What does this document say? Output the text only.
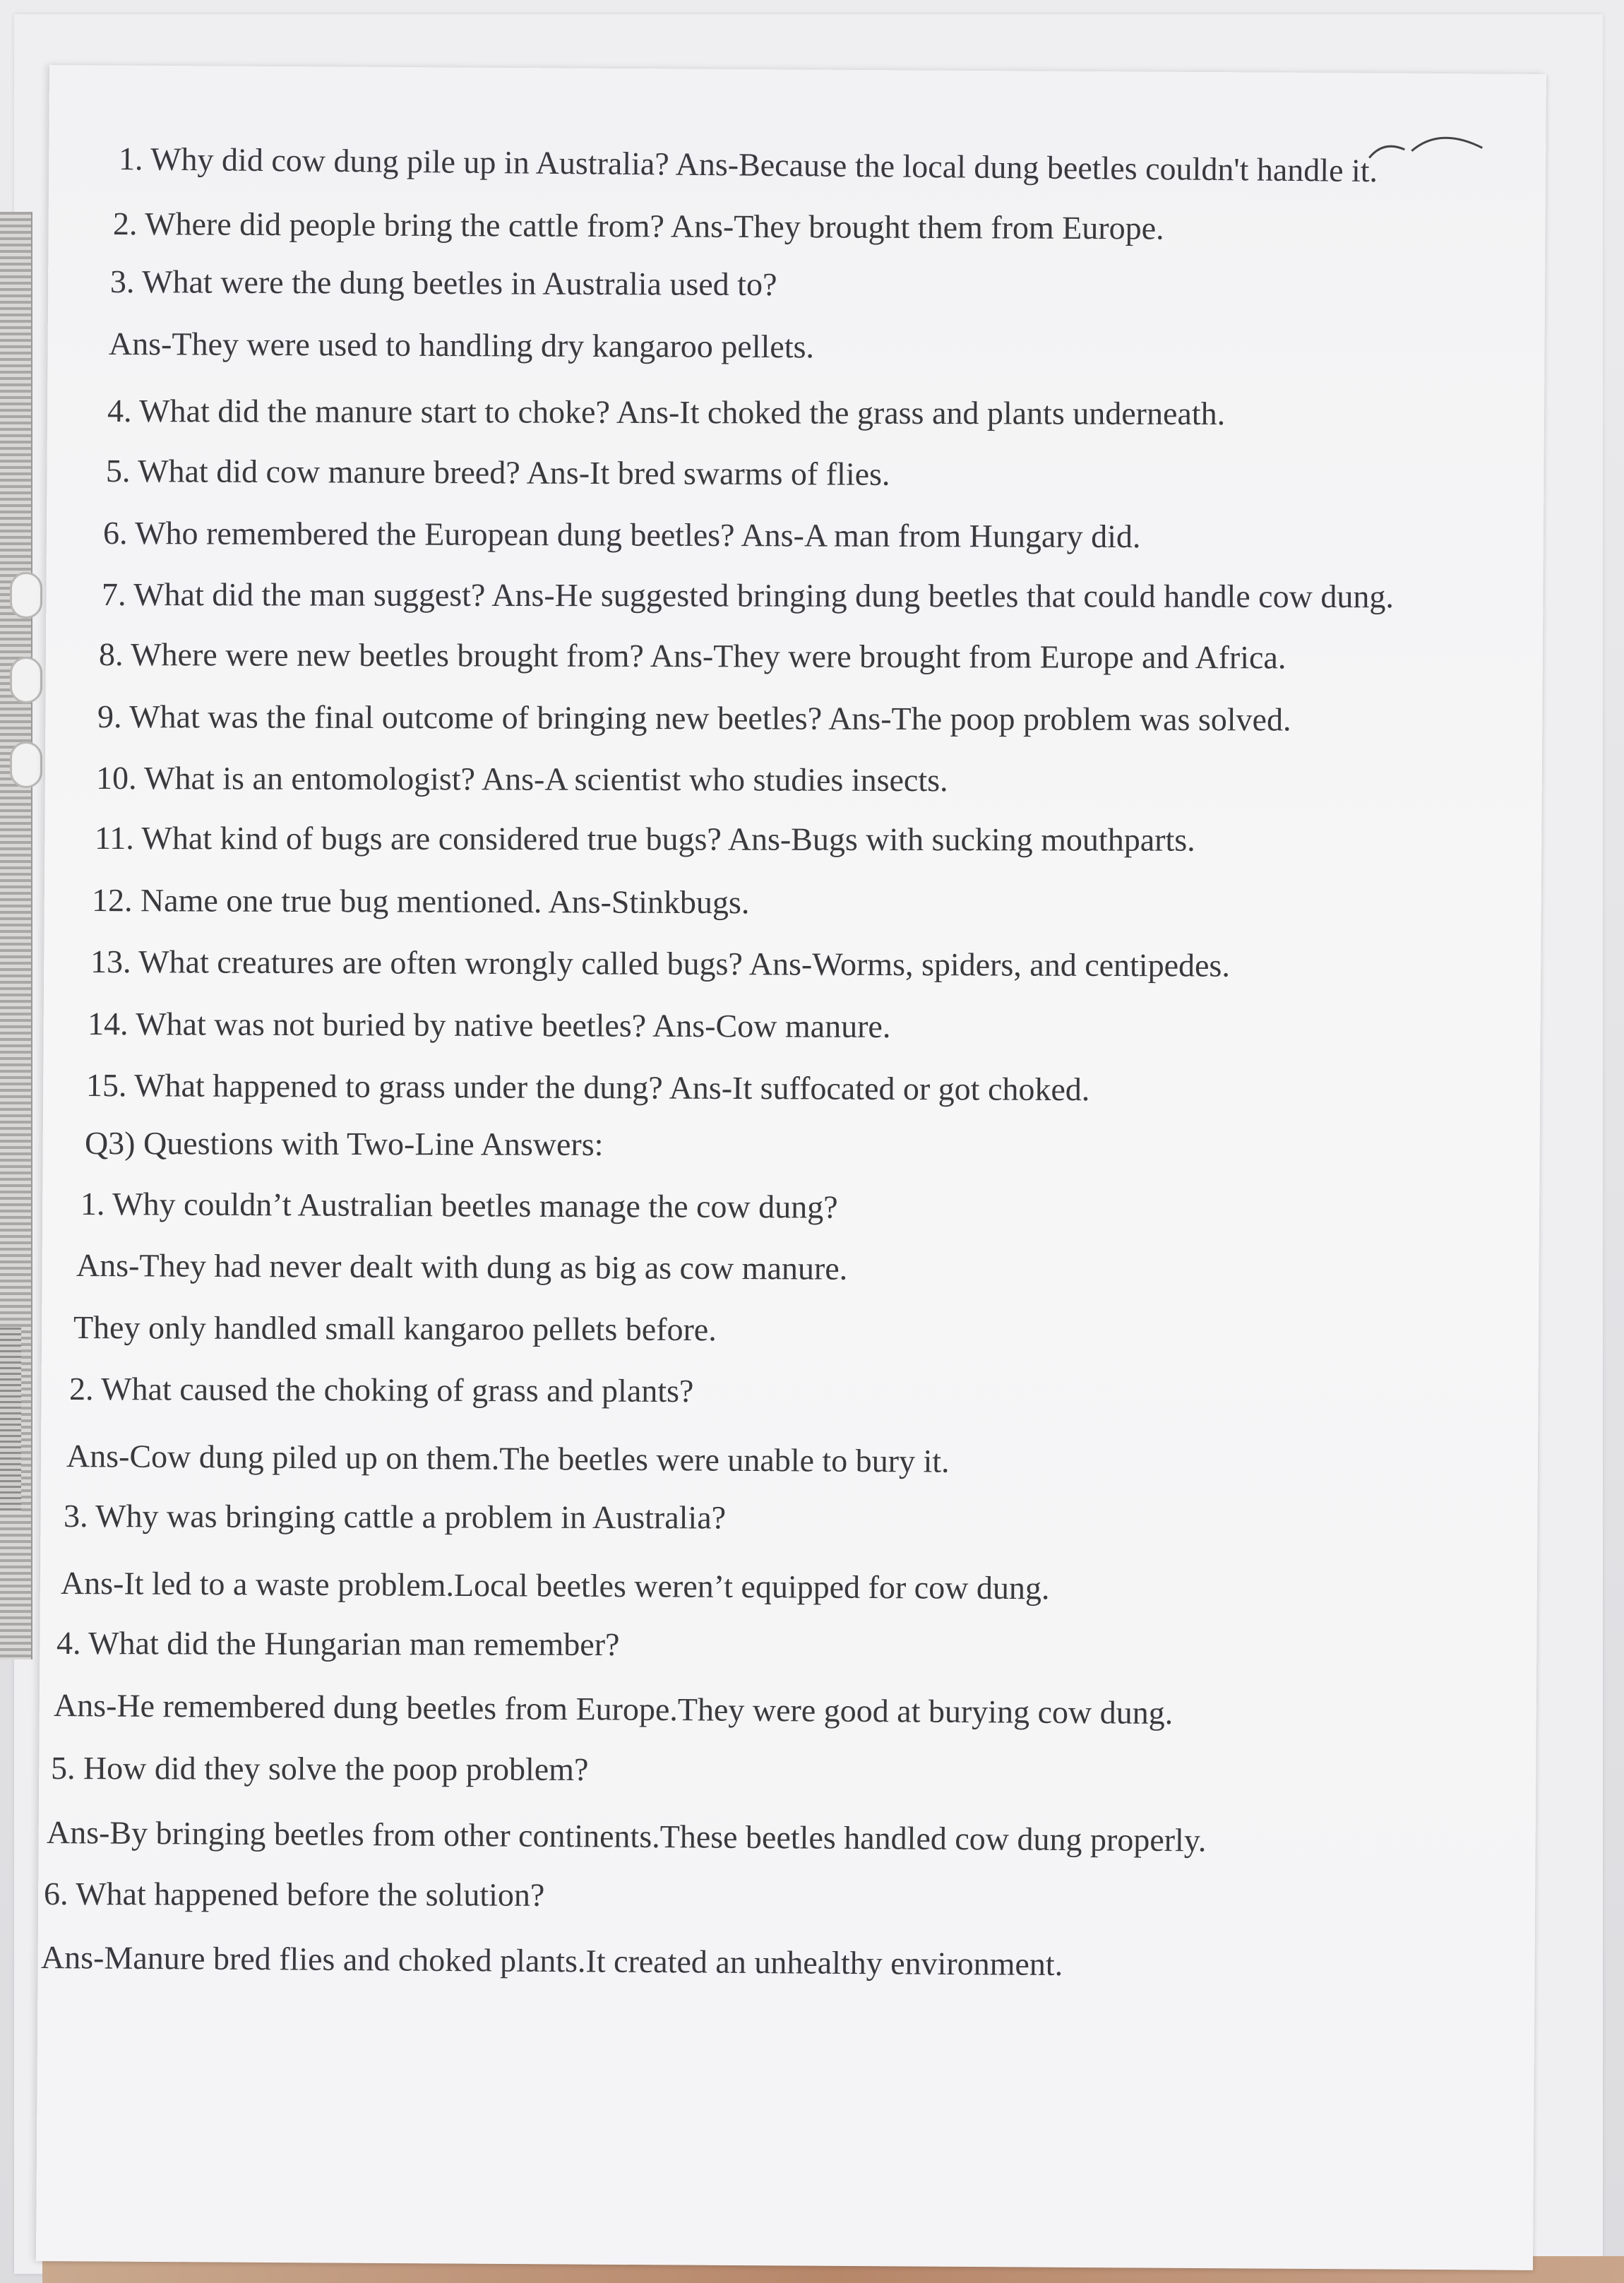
1. Why did cow dung pile up in Australia? Ans-Because the local dung beetles couldn't handle it.
2. Where did people bring the cattle from? Ans-They brought them from Europe.
3. What were the dung beetles in Australia used to?
Ans-They were used to handling dry kangaroo pellets.
4. What did the manure start to choke? Ans-It choked the grass and plants underneath.
5. What did cow manure breed? Ans-It bred swarms of flies.
6. Who remembered the European dung beetles? Ans-A man from Hungary did.
7. What did the man suggest? Ans-He suggested bringing dung beetles that could handle cow dung.
8. Where were new beetles brought from? Ans-They were brought from Europe and Africa.
9. What was the final outcome of bringing new beetles? Ans-The poop problem was solved.
10. What is an entomologist? Ans-A scientist who studies insects.
11. What kind of bugs are considered true bugs? Ans-Bugs with sucking mouthparts.
12. Name one true bug mentioned. Ans-Stinkbugs.
13. What creatures are often wrongly called bugs? Ans-Worms, spiders, and centipedes.
14. What was not buried by native beetles? Ans-Cow manure.
15. What happened to grass under the dung? Ans-It suffocated or got choked.
Q3) Questions with Two-Line Answers:
1. Why couldn’t Australian beetles manage the cow dung?
Ans-They had never dealt with dung as big as cow manure.
They only handled small kangaroo pellets before.
2. What caused the choking of grass and plants?
Ans-Cow dung piled up on them.The beetles were unable to bury it.
3. Why was bringing cattle a problem in Australia?
Ans-It led to a waste problem.Local beetles weren’t equipped for cow dung.
4. What did the Hungarian man remember?
Ans-He remembered dung beetles from Europe.They were good at burying cow dung.
5. How did they solve the poop problem?
Ans-By bringing beetles from other continents.These beetles handled cow dung properly.
6. What happened before the solution?
Ans-Manure bred flies and choked plants.It created an unhealthy environment.
